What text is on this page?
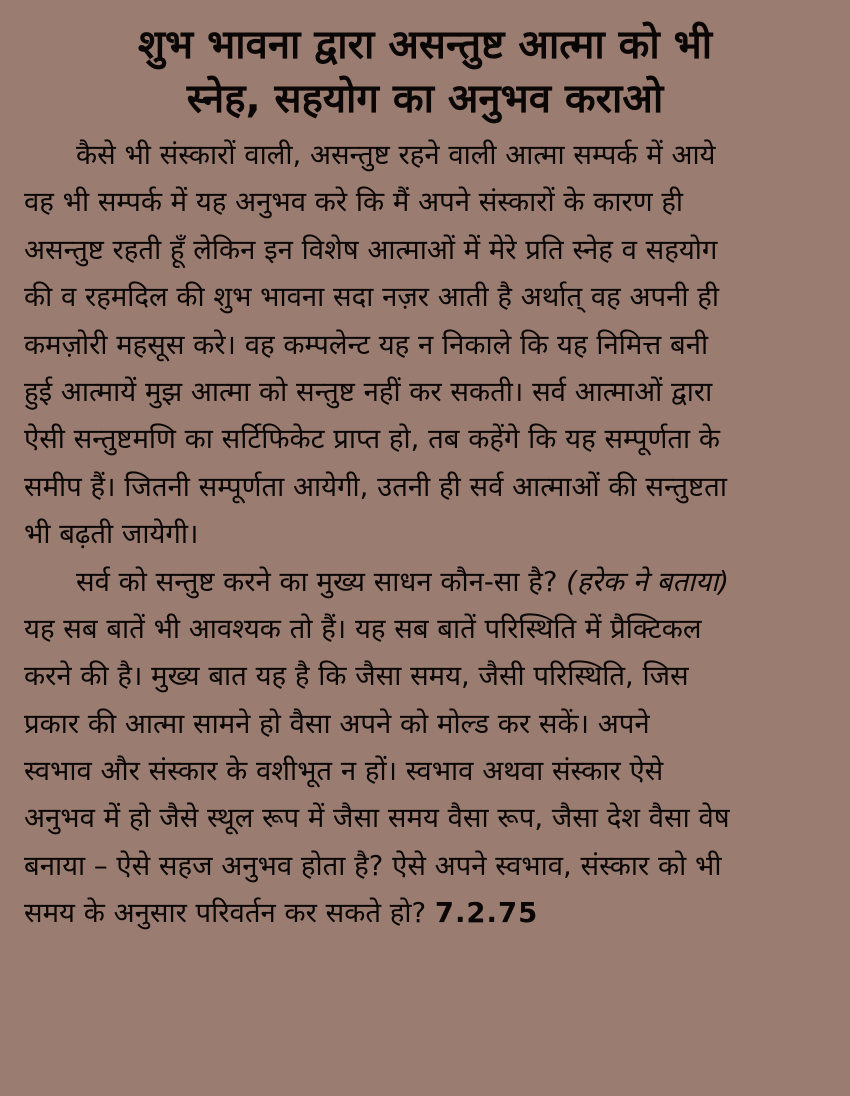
शुभ भावना द्वारा असन्तुष्ट आत्मा को भी
स्नेह, सहयोग का अनुभव कराओ
कैसे भी संस्कारों वाली, असन्तुष्ट रहने वाली आत्मा सम्पर्क में आये
वह भी सम्पर्क में यह अनुभव करे कि मैं अपने संस्कारों के कारण ही
असन्तुष्ट रहती हूँ लेकिन इन विशेष आत्माओं में मेरे प्रति स्नेह व सहयोग
की व रहमदिल की शुभ भावना सदा नज़र आती है अर्थात् वह अपनी ही
कमज़ोरी महसूस करे। वह कम्पलेन्ट यह न निकाले कि यह निमित्त बनी
हुई आत्मायें मुझ आत्मा को सन्तुष्ट नहीं कर सकती। सर्व आत्माओं द्वारा
ऐसी सन्तुष्टमणि का सर्टिफिकेट प्राप्त हो, तब कहेंगे कि यह सम्पूर्णता के
समीप हैं। जितनी सम्पूर्णता आयेगी, उतनी ही सर्व आत्माओं की सन्तुष्टता
भी बढ़ती जायेगी।
सर्व को सन्तुष्ट करने का मुख्य साधन कौन-सा है? (हरेक ने बताया)
यह सब बातें भी आवश्यक तो हैं। यह सब बातें परिस्थिति में प्रैक्टिकल
करने की है। मुख्य बात यह है कि जैसा समय, जैसी परिस्थिति, जिस
प्रकार की आत्मा सामने हो वैसा अपने को मोल्ड कर सकें। अपने
स्वभाव और संस्कार के वशीभूत न हों। स्वभाव अथवा संस्कार ऐसे
अनुभव में हो जैसे स्थूल रूप में जैसा समय वैसा रूप, जैसा देश वैसा वेष
बनाया – ऐसे सहज अनुभव होता है? ऐसे अपने स्वभाव, संस्कार को भी
समय के अनुसार परिवर्तन कर सकते हो? 7.2.75
